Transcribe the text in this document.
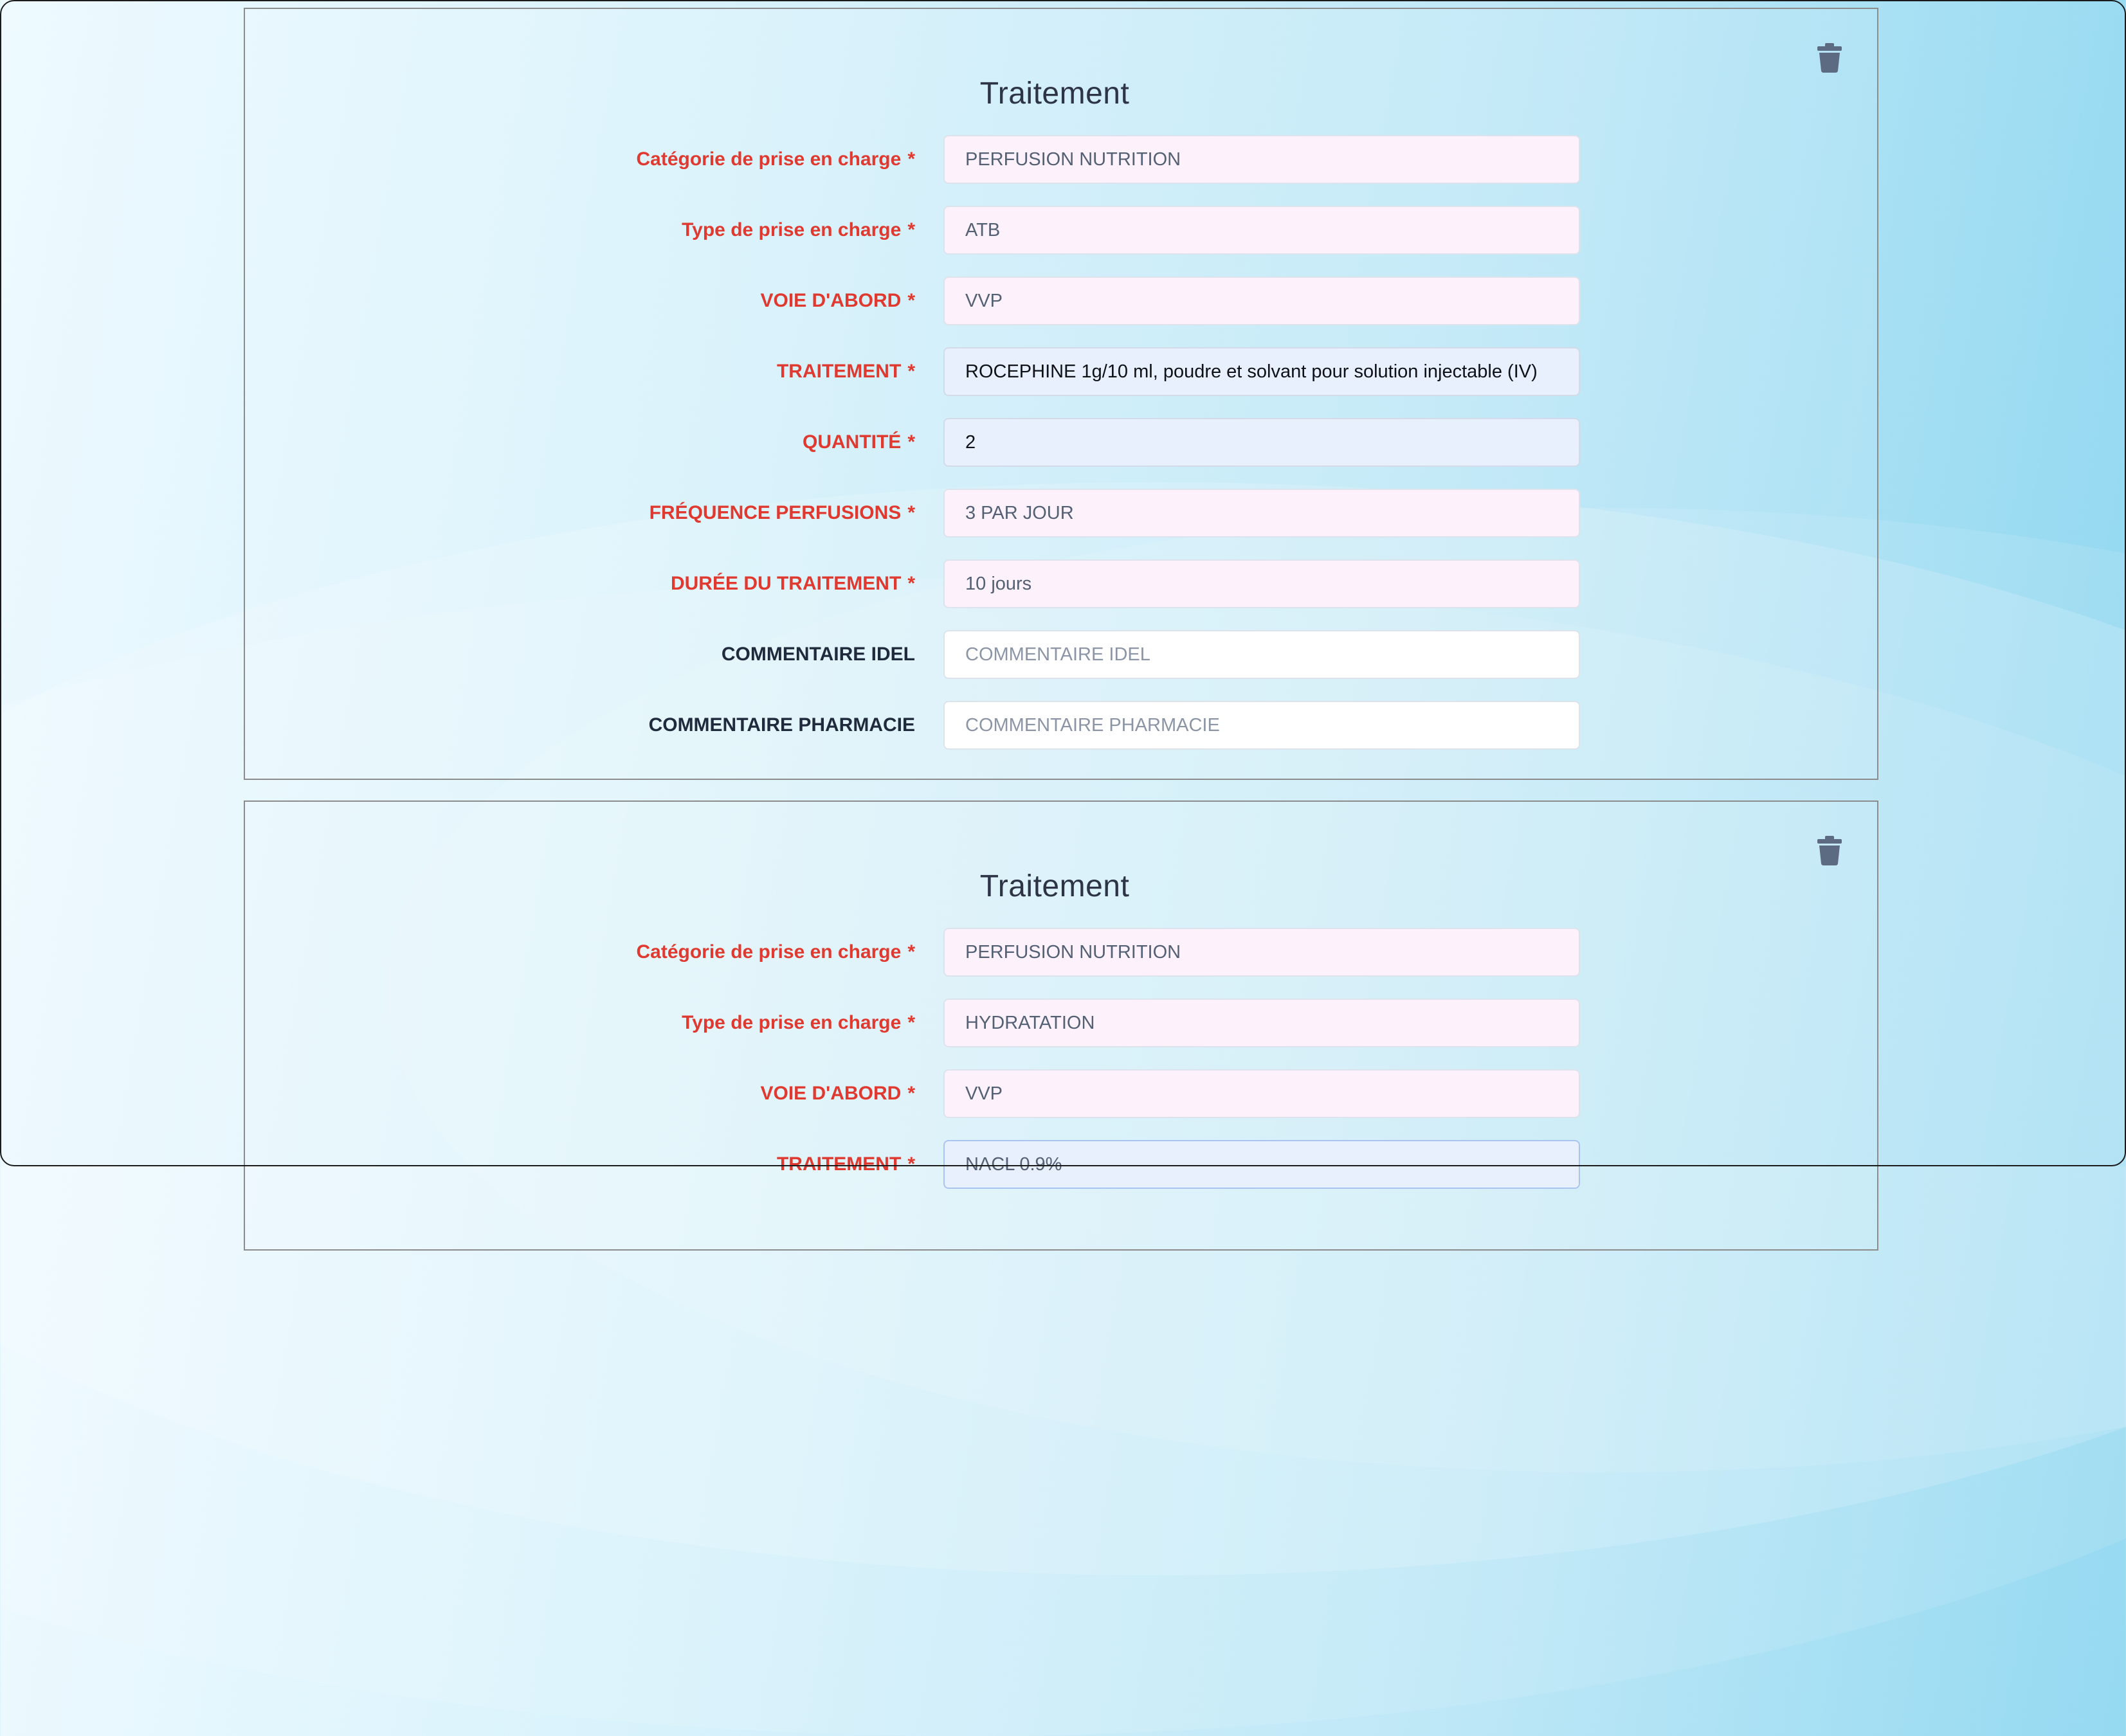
Traitement
Catégorie de prise en charge *	PERFUSION NUTRITION
Type de prise en charge *	ATB
VOIE D'ABORD *	VVP
TRAITEMENT *	ROCEPHINE 1g/10 ml, poudre et solvant pour solution injectable (IV)
QUANTITÉ *	2
FRÉQUENCE PERFUSIONS *	3 PAR JOUR
DURÉE DU TRAITEMENT *	10 jours
COMMENTAIRE IDEL	COMMENTAIRE IDEL
COMMENTAIRE PHARMACIE	COMMENTAIRE PHARMACIE
Traitement
Catégorie de prise en charge *	PERFUSION NUTRITION
Type de prise en charge *	HYDRATATION
VOIE D'ABORD *	VVP
TRAITEMENT *	NACL 0.9%
